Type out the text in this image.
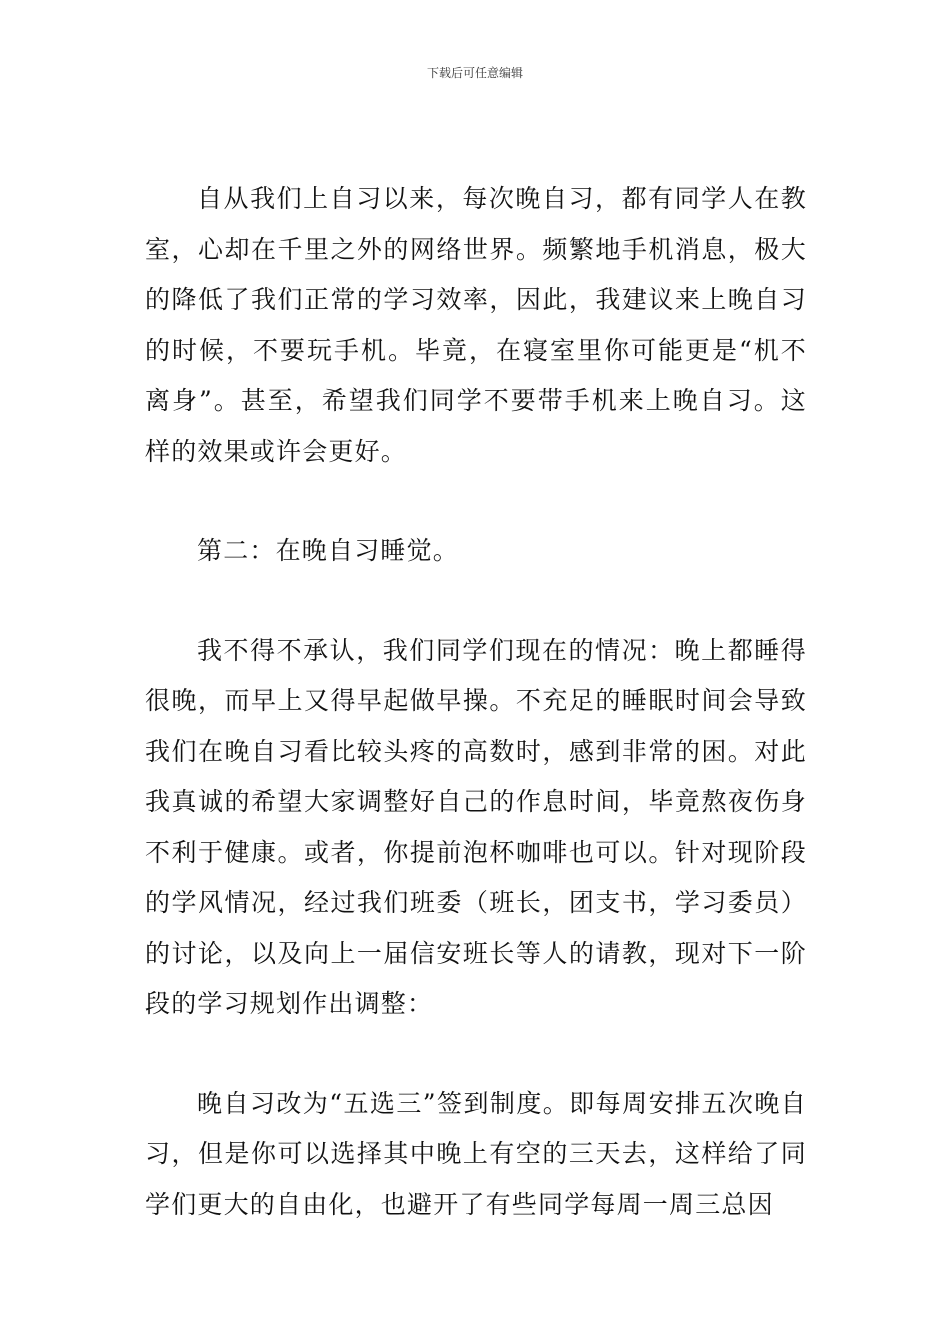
下载后可任意编辑

自从我们上自习以来，每次晚自习，都有同学人在教室，心却在千里之外的网络世界。频繁地手机消息，极大的降低了我们正常的学习效率，因此，我建议来上晚自习的时候，不要玩手机。毕竟，在寝室里你可能更是“机不离身”。甚至，希望我们同学不要带手机来上晚自习。这样的效果或许会更好。

第二：在晚自习睡觉。

我不得不承认，我们同学们现在的情况：晚上都睡得很晚，而早上又得早起做早操。不充足的睡眠时间会导致我们在晚自习看比较头疼的高数时，感到非常的困。对此我真诚的希望大家调整好自己的作息时间，毕竟熬夜伤身不利于健康。或者，你提前泡杯咖啡也可以。针对现阶段的学风情况，经过我们班委（班长，团支书，学习委员）的讨论，以及向上一届信安班长等人的请教，现对下一阶段的学习规划作出调整：

晚自习改为“五选三”签到制度。即每周安排五次晚自习，但是你可以选择其中晚上有空的三天去，这样给了同学们更大的自由化，也避开了有些同学每周一周三总因
